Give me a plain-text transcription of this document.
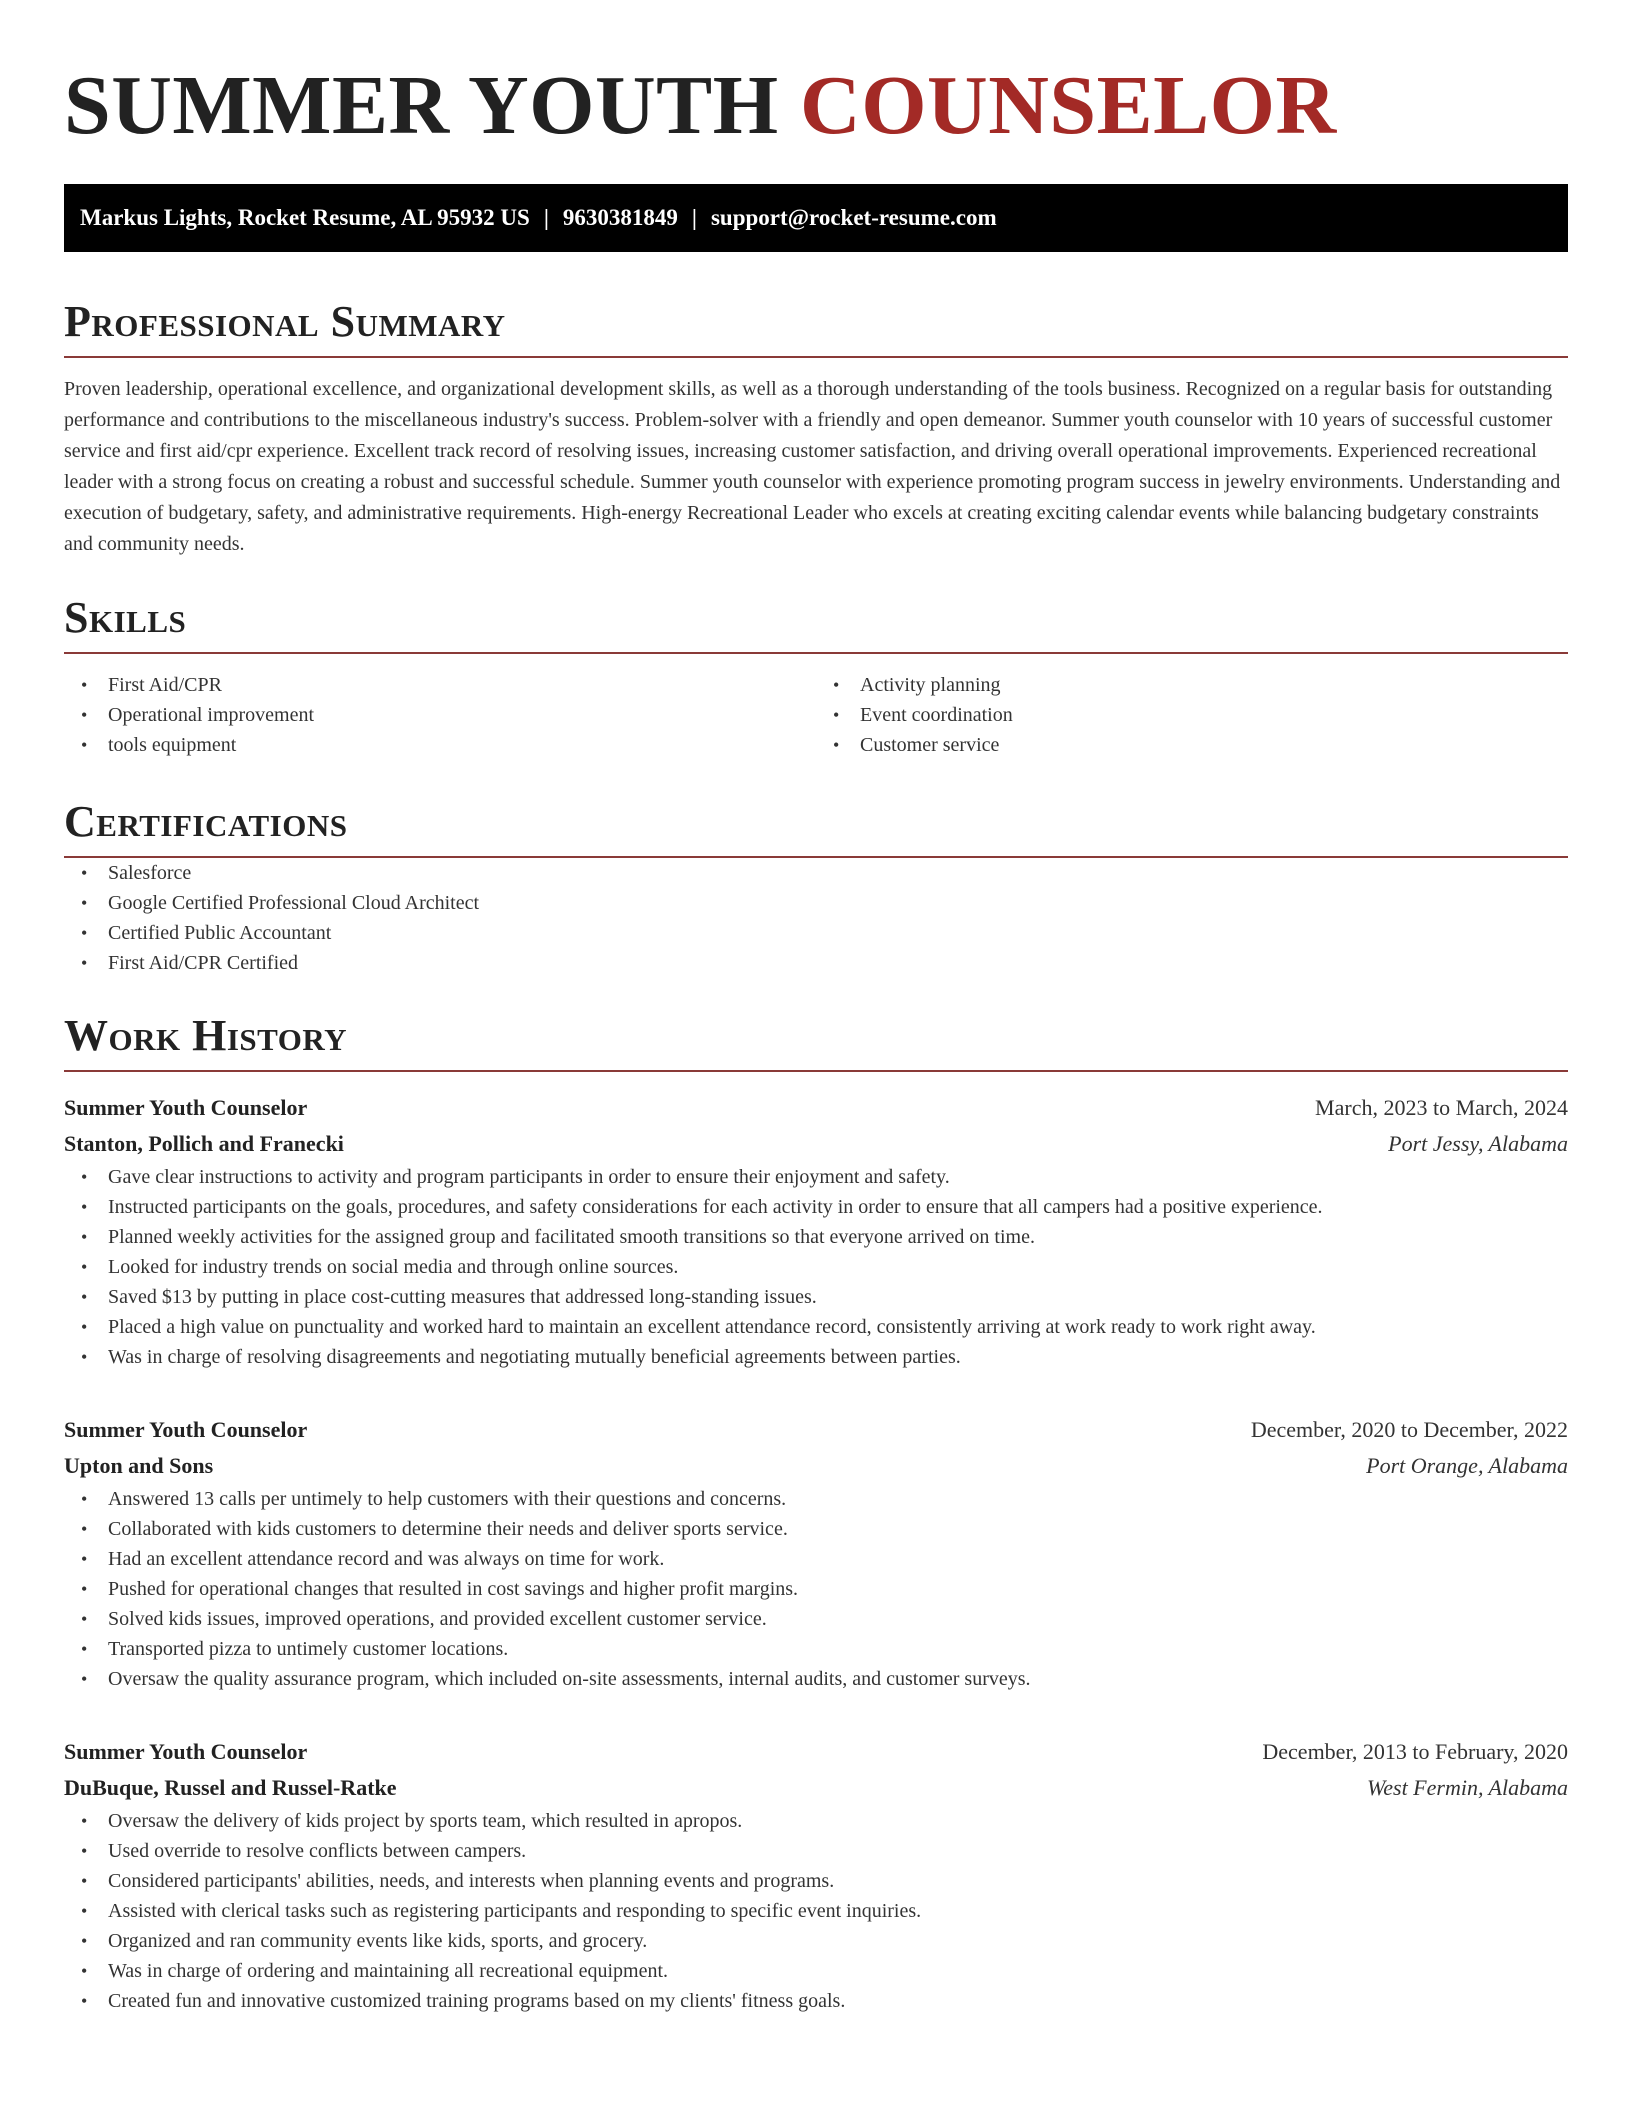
SUMMER YOUTH COUNSELOR
Markus Lights, Rocket Resume, AL 95932 US | 9630381849 | support@rocket-resume.com
Professional Summary

Proven leadership, operational excellence, and organizational development skills, as well as a thorough understanding of the tools business. Recognized on a regular basis for outstanding performance and contributions to the miscellaneous industry's success. Problem-solver with a friendly and open demeanor. Summer youth counselor with 10 years of successful customer service and first aid/cpr experience. Excellent track record of resolving issues, increasing customer satisfaction, and driving overall operational improvements. Experienced recreational leader with a strong focus on creating a robust and successful schedule. Summer youth counselor with experience promoting program success in jewelry environments. Understanding and execution of budgetary, safety, and administrative requirements. High-energy Recreational Leader who excels at creating exciting calendar events while balancing budgetary constraints and community needs.

Skills
• First Aid/CPR
• Operational improvement
• tools equipment
• Activity planning
• Event coordination
• Customer service
Certifications
• Salesforce
• Google Certified Professional Cloud Architect
• Certified Public Accountant
• First Aid/CPR Certified
Work History
Summer Youth Counselor	March, 2023 to March, 2024
Stanton, Pollich and Franecki	Port Jessy, Alabama
• Gave clear instructions to activity and program participants in order to ensure their enjoyment and safety.
• Instructed participants on the goals, procedures, and safety considerations for each activity in order to ensure that all campers had a positive experience.
• Planned weekly activities for the assigned group and facilitated smooth transitions so that everyone arrived on time.
• Looked for industry trends on social media and through online sources.
• Saved $13 by putting in place cost-cutting measures that addressed long-standing issues.
• Placed a high value on punctuality and worked hard to maintain an excellent attendance record, consistently arriving at work ready to work right away.
• Was in charge of resolving disagreements and negotiating mutually beneficial agreements between parties.
Summer Youth Counselor	December, 2020 to December, 2022
Upton and Sons	Port Orange, Alabama
• Answered 13 calls per untimely to help customers with their questions and concerns.
• Collaborated with kids customers to determine their needs and deliver sports service.
• Had an excellent attendance record and was always on time for work.
• Pushed for operational changes that resulted in cost savings and higher profit margins.
• Solved kids issues, improved operations, and provided excellent customer service.
• Transported pizza to untimely customer locations.
• Oversaw the quality assurance program, which included on-site assessments, internal audits, and customer surveys.
Summer Youth Counselor	December, 2013 to February, 2020
DuBuque, Russel and Russel-Ratke	West Fermin, Alabama
• Oversaw the delivery of kids project by sports team, which resulted in apropos.
• Used override to resolve conflicts between campers.
• Considered participants' abilities, needs, and interests when planning events and programs.
• Assisted with clerical tasks such as registering participants and responding to specific event inquiries.
• Organized and ran community events like kids, sports, and grocery.
• Was in charge of ordering and maintaining all recreational equipment.
• Created fun and innovative customized training programs based on my clients' fitness goals.
